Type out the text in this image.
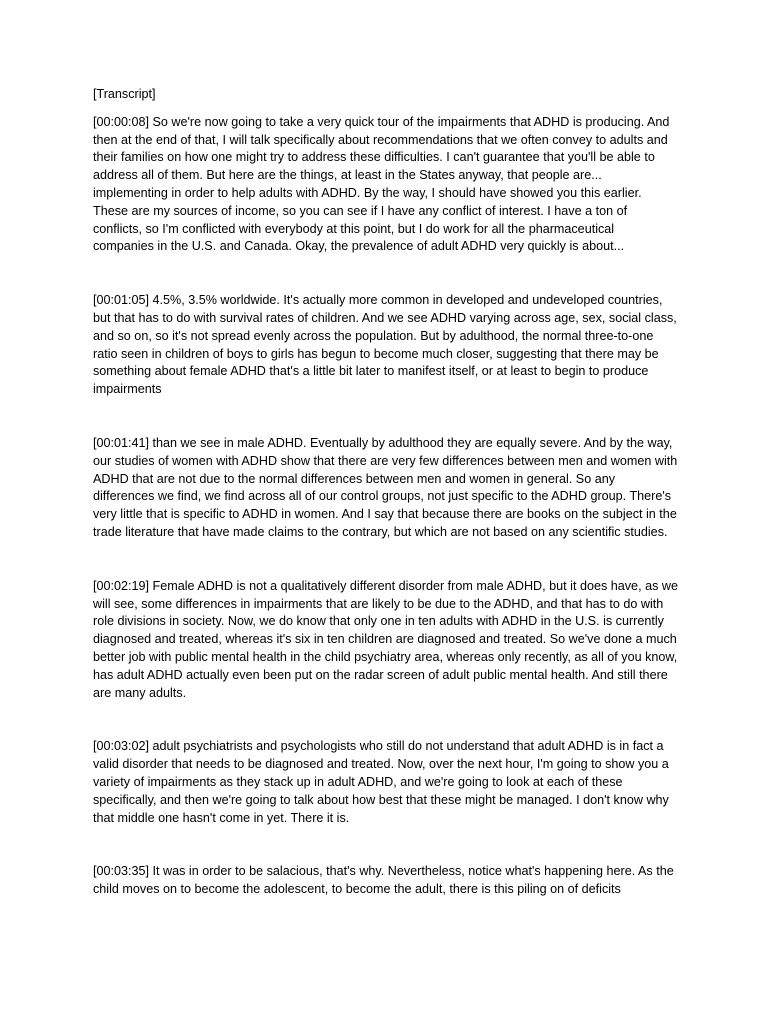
[Transcript]

[00:00:08] So we're now going to take a very quick tour of the impairments that ADHD is producing. And then at the end of that, I will talk specifically about recommendations that we often convey to adults and their families on how one might try to address these difficulties. I can't guarantee that you'll be able to address all of them. But here are the things, at least in the States anyway, that people are... implementing in order to help adults with ADHD. By the way, I should have showed you this earlier. These are my sources of income, so you can see if I have any conflict of interest. I have a ton of conflicts, so I'm conflicted with everybody at this point, but I do work for all the pharmaceutical companies in the U.S. and Canada. Okay, the prevalence of adult ADHD very quickly is about...

[00:01:05] 4.5%, 3.5% worldwide. It's actually more common in developed and undeveloped countries, but that has to do with survival rates of children. And we see ADHD varying across age, sex, social class, and so on, so it's not spread evenly across the population. But by adulthood, the normal three-to-one ratio seen in children of boys to girls has begun to become much closer, suggesting that there may be something about female ADHD that's a little bit later to manifest itself, or at least to begin to produce impairments

[00:01:41] than we see in male ADHD. Eventually by adulthood they are equally severe. And by the way, our studies of women with ADHD show that there are very few differences between men and women with ADHD that are not due to the normal differences between men and women in general. So any differences we find, we find across all of our control groups, not just specific to the ADHD group. There's very little that is specific to ADHD in women. And I say that because there are books on the subject in the trade literature that have made claims to the contrary, but which are not based on any scientific studies.

[00:02:19] Female ADHD is not a qualitatively different disorder from male ADHD, but it does have, as we will see, some differences in impairments that are likely to be due to the ADHD, and that has to do with role divisions in society. Now, we do know that only one in ten adults with ADHD in the U.S. is currently diagnosed and treated, whereas it's six in ten children are diagnosed and treated. So we've done a much better job with public mental health in the child psychiatry area, whereas only recently, as all of you know, has adult ADHD actually even been put on the radar screen of adult public mental health. And still there are many adults.

[00:03:02] adult psychiatrists and psychologists who still do not understand that adult ADHD is in fact a valid disorder that needs to be diagnosed and treated. Now, over the next hour, I'm going to show you a variety of impairments as they stack up in adult ADHD, and we're going to look at each of these specifically, and then we're going to talk about how best that these might be managed. I don't know why that middle one hasn't come in yet. There it is.

[00:03:35] It was in order to be salacious, that's why. Nevertheless, notice what's happening here. As the child moves on to become the adolescent, to become the adult, there is this piling on of deficits
